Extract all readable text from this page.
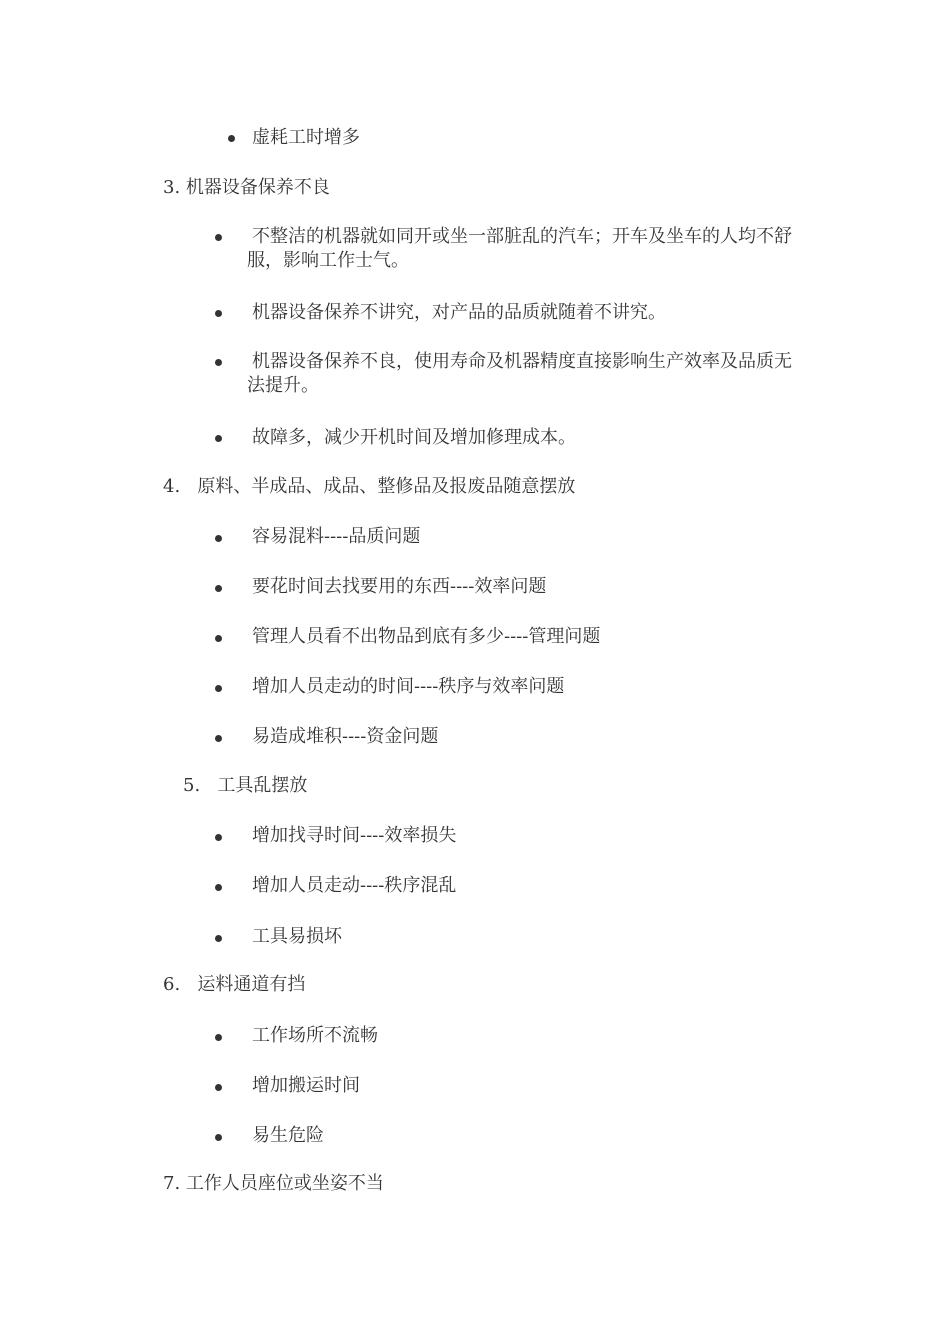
虚耗工时增多
3. 机器设备保养不良
不整洁的机器就如同开或坐一部脏乱的汽车；开车及坐车的人均不舒服，影响工作士气。
机器设备保养不讲究，对产品的品质就随着不讲究。
机器设备保养不良，使用寿命及机器精度直接影响生产效率及品质无法提升。
故障多，减少开机时间及增加修理成本。
4.   原料、半成品、成品、整修品及报废品随意摆放
容易混料----品质问题
要花时间去找要用的东西----效率问题
管理人员看不出物品到底有多少----管理问题
增加人员走动的时间----秩序与效率问题
易造成堆积----资金问题
5.   工具乱摆放
增加找寻时间----效率损失
增加人员走动----秩序混乱
工具易损坏
6.   运料通道有挡
工作场所不流畅
增加搬运时间
易生危险
7. 工作人员座位或坐姿不当
